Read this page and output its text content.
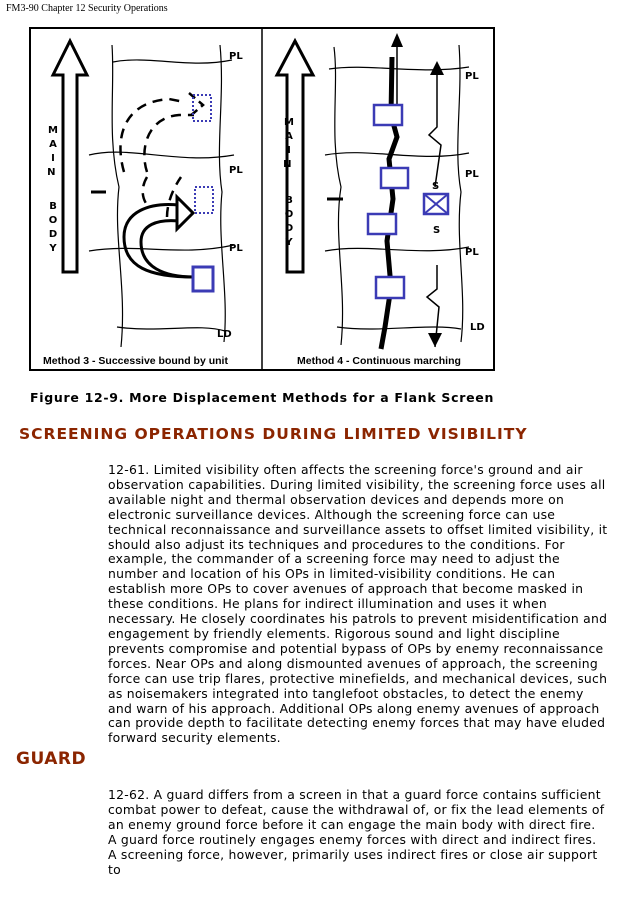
FM3-90 Chapter 12 Security Operations
M A I N B O D Y
PL
PL
PL
LD
Method 3 - Successive bound by unit
M A I N B O D Y
PL
PL
PL
LD
S
S
Method 4 - Continuous marching
Figure 12-9. More Displacement Methods for a Flank Screen
SCREENING OPERATIONS DURING LIMITED VISIBILITY
12-61. Limited visibility often affects the screening force's ground and air observation capabilities. During limited visibility, the screening force uses all available night and thermal observation devices and depends more on electronic surveillance devices. Although the screening force can use technical reconnaissance and surveillance assets to offset limited visibility, it should also adjust its techniques and procedures to the conditions. For example, the commander of a screening force may need to adjust the number and location of his OPs in limited-visibility conditions. He can establish more OPs to cover avenues of approach that become masked in these conditions. He plans for indirect illumination and uses it when necessary. He closely coordinates his patrols to prevent misidentification and engagement by friendly elements. Rigorous sound and light discipline prevents compromise and potential bypass of OPs by enemy reconnaissance forces. Near OPs and along dismounted avenues of approach, the screening force can use trip flares, protective minefields, and mechanical devices, such as noisemakers integrated into tanglefoot obstacles, to detect the enemy and warn of his approach. Additional OPs along enemy avenues of approach can provide depth to facilitate detecting enemy forces that may have eluded forward security elements.
GUARD
12-62. A guard differs from a screen in that a guard force contains sufficient combat power to defeat, cause the withdrawal of, or fix the lead elements of an enemy ground force before it can engage the main body with direct fire. A guard force routinely engages enemy forces with direct and indirect fires. A screening force, however, primarily uses indirect fires or close air support to
